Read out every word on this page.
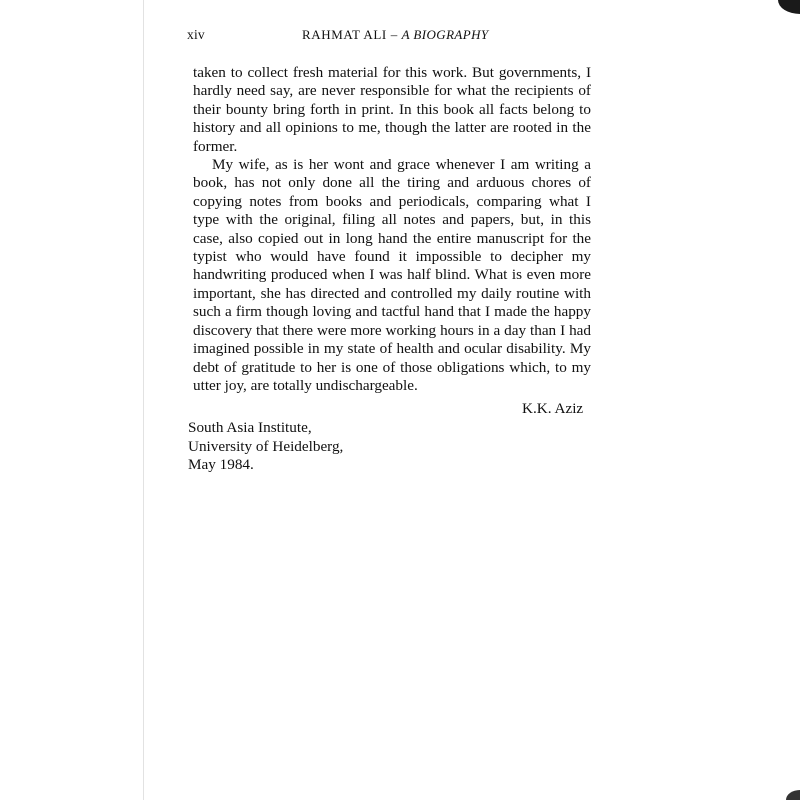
xiv	RAHMAT ALI – A BIOGRAPHY

taken to collect fresh material for this work. But governments, I hardly need say, are never responsible for what the recipients of their bounty bring forth in print. In this book all facts belong to history and all opinions to me, though the latter are rooted in the former.

My wife, as is her wont and grace whenever I am writing a book, has not only done all the tiring and arduous chores of copying notes from books and periodicals, comparing what I type with the original, filing all notes and papers, but, in this case, also copied out in long hand the entire manuscript for the typist who would have found it impossible to decipher my handwriting produced when I was half blind. What is even more important, she has directed and controlled my daily routine with such a firm though loving and tactful hand that I made the happy discovery that there were more working hours in a day than I had imagined possible in my state of health and ocular disability. My debt of gratitude to her is one of those obligations which, to my utter joy, are totally undischargeable.

K.K. Aziz
South Asia Institute,
University of Heidelberg,
May 1984.
